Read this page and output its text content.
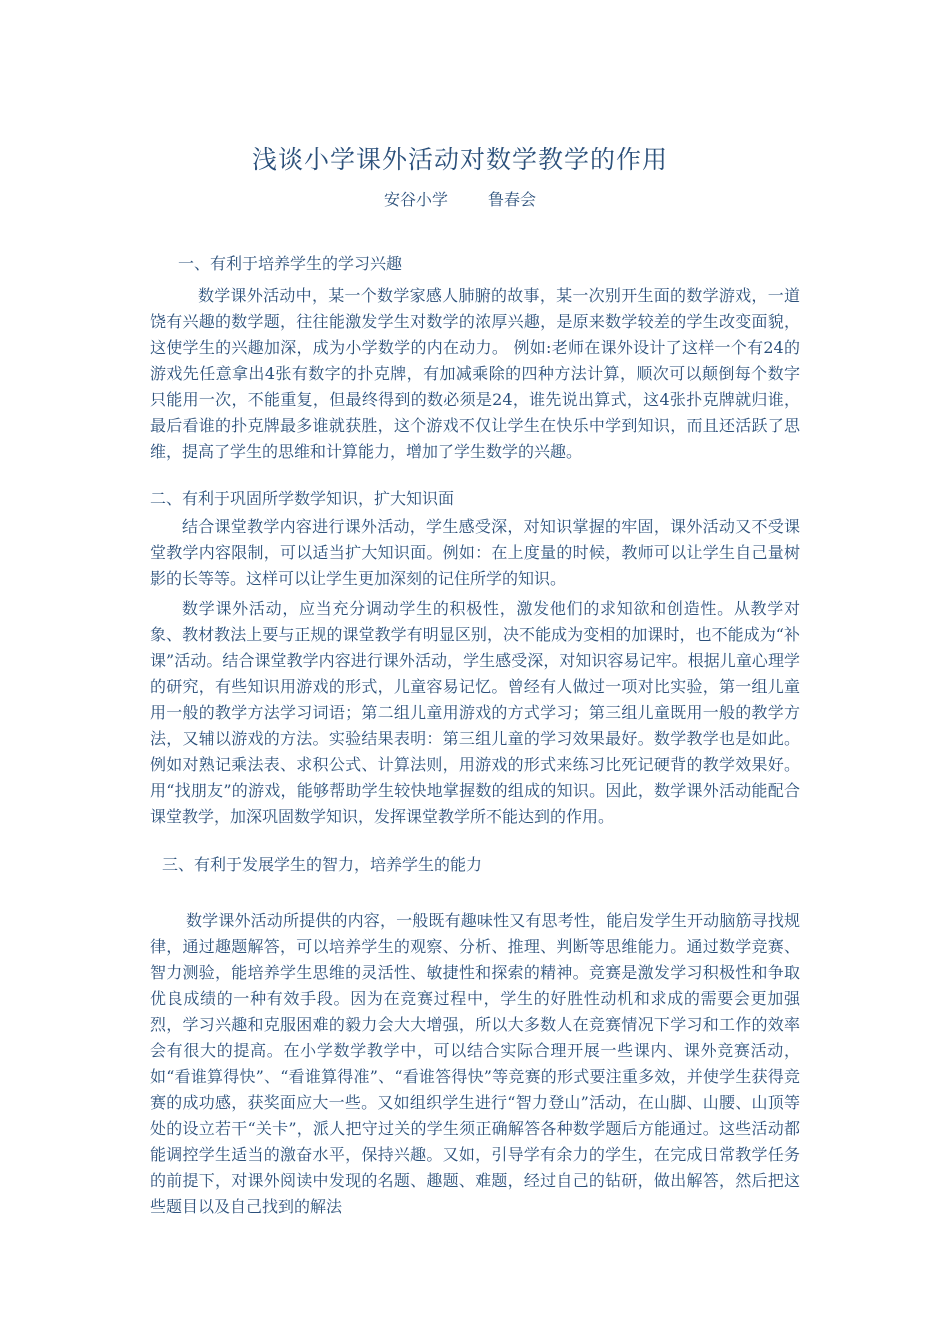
浅谈小学课外活动对数学教学的作用
安谷小学	鲁春会
一、有利于培养学生的学习兴趣
数学课外活动中，某一个数学家感人肺腑的故事，某一次别开生面的数学游戏，一道饶有兴趣的数学题，往往能激发学生对数学的浓厚兴趣，是原来数学较差的学生改变面貌，这使学生的兴趣加深，成为小学数学的内在动力。 例如:老师在课外设计了这样一个有24的游戏先任意拿出4张有数字的扑克牌，有加减乘除的四种方法计算，顺次可以颠倒每个数字只能用一次，不能重复，但最终得到的数必须是24，谁先说出算式，这4张扑克牌就归谁，最后看谁的扑克牌最多谁就获胜，这个游戏不仅让学生在快乐中学到知识，而且还活跃了思维，提高了学生的思维和计算能力，增加了学生数学的兴趣。
二、有利于巩固所学数学知识，扩大知识面
结合课堂教学内容进行课外活动，学生感受深，对知识掌握的牢固，课外活动又不受课堂教学内容限制，可以适当扩大知识面。例如：在上度量的时候，教师可以让学生自己量树影的长等等。这样可以让学生更加深刻的记住所学的知识。
数学课外活动，应当充分调动学生的积极性，激发他们的求知欲和创造性。从教学对象、教材教法上要与正规的课堂教学有明显区别，决不能成为变相的加课时，也不能成为“补课”活动。结合课堂教学内容进行课外活动，学生感受深，对知识容易记牢。根据儿童心理学的研究，有些知识用游戏的形式，儿童容易记忆。曾经有人做过一项对比实验，第一组儿童用一般的教学方法学习词语；第二组儿童用游戏的方式学习；第三组儿童既用一般的教学方法，又辅以游戏的方法。实验结果表明：第三组儿童的学习效果最好。数学教学也是如此。例如对熟记乘法表、求积公式、计算法则，用游戏的形式来练习比死记硬背的教学效果好。用“找朋友”的游戏，能够帮助学生较快地掌握数的组成的知识。因此，数学课外活动能配合课堂教学，加深巩固数学知识，发挥课堂教学所不能达到的作用。
三、有利于发展学生的智力，培养学生的能力
数学课外活动所提供的内容，一般既有趣味性又有思考性，能启发学生开动脑筋寻找规律，通过趣题解答，可以培养学生的观察、分析、推理、判断等思维能力。通过数学竞赛、智力测验，能培养学生思维的灵活性、敏捷性和探索的精神。竞赛是激发学习积极性和争取优良成绩的一种有效手段。因为在竞赛过程中，学生的好胜性动机和求成的需要会更加强烈，学习兴趣和克服困难的毅力会大大增强，所以大多数人在竞赛情况下学习和工作的效率会有很大的提高。在小学数学教学中，可以结合实际合理开展一些课内、课外竞赛活动，如“看谁算得快”、“看谁算得准”、“看谁答得快”等竞赛的形式要注重多效，并使学生获得竞赛的成功感，获奖面应大一些。又如组织学生进行“智力登山”活动，在山脚、山腰、山顶等处的设立若干“关卡”，派人把守过关的学生须正确解答各种数学题后方能通过。这些活动都能调控学生适当的激奋水平，保持兴趣。又如，引导学有余力的学生，在完成日常教学任务的前提下，对课外阅读中发现的名题、趣题、难题，经过自己的钻研，做出解答，然后把这些题目以及自己找到的解法
